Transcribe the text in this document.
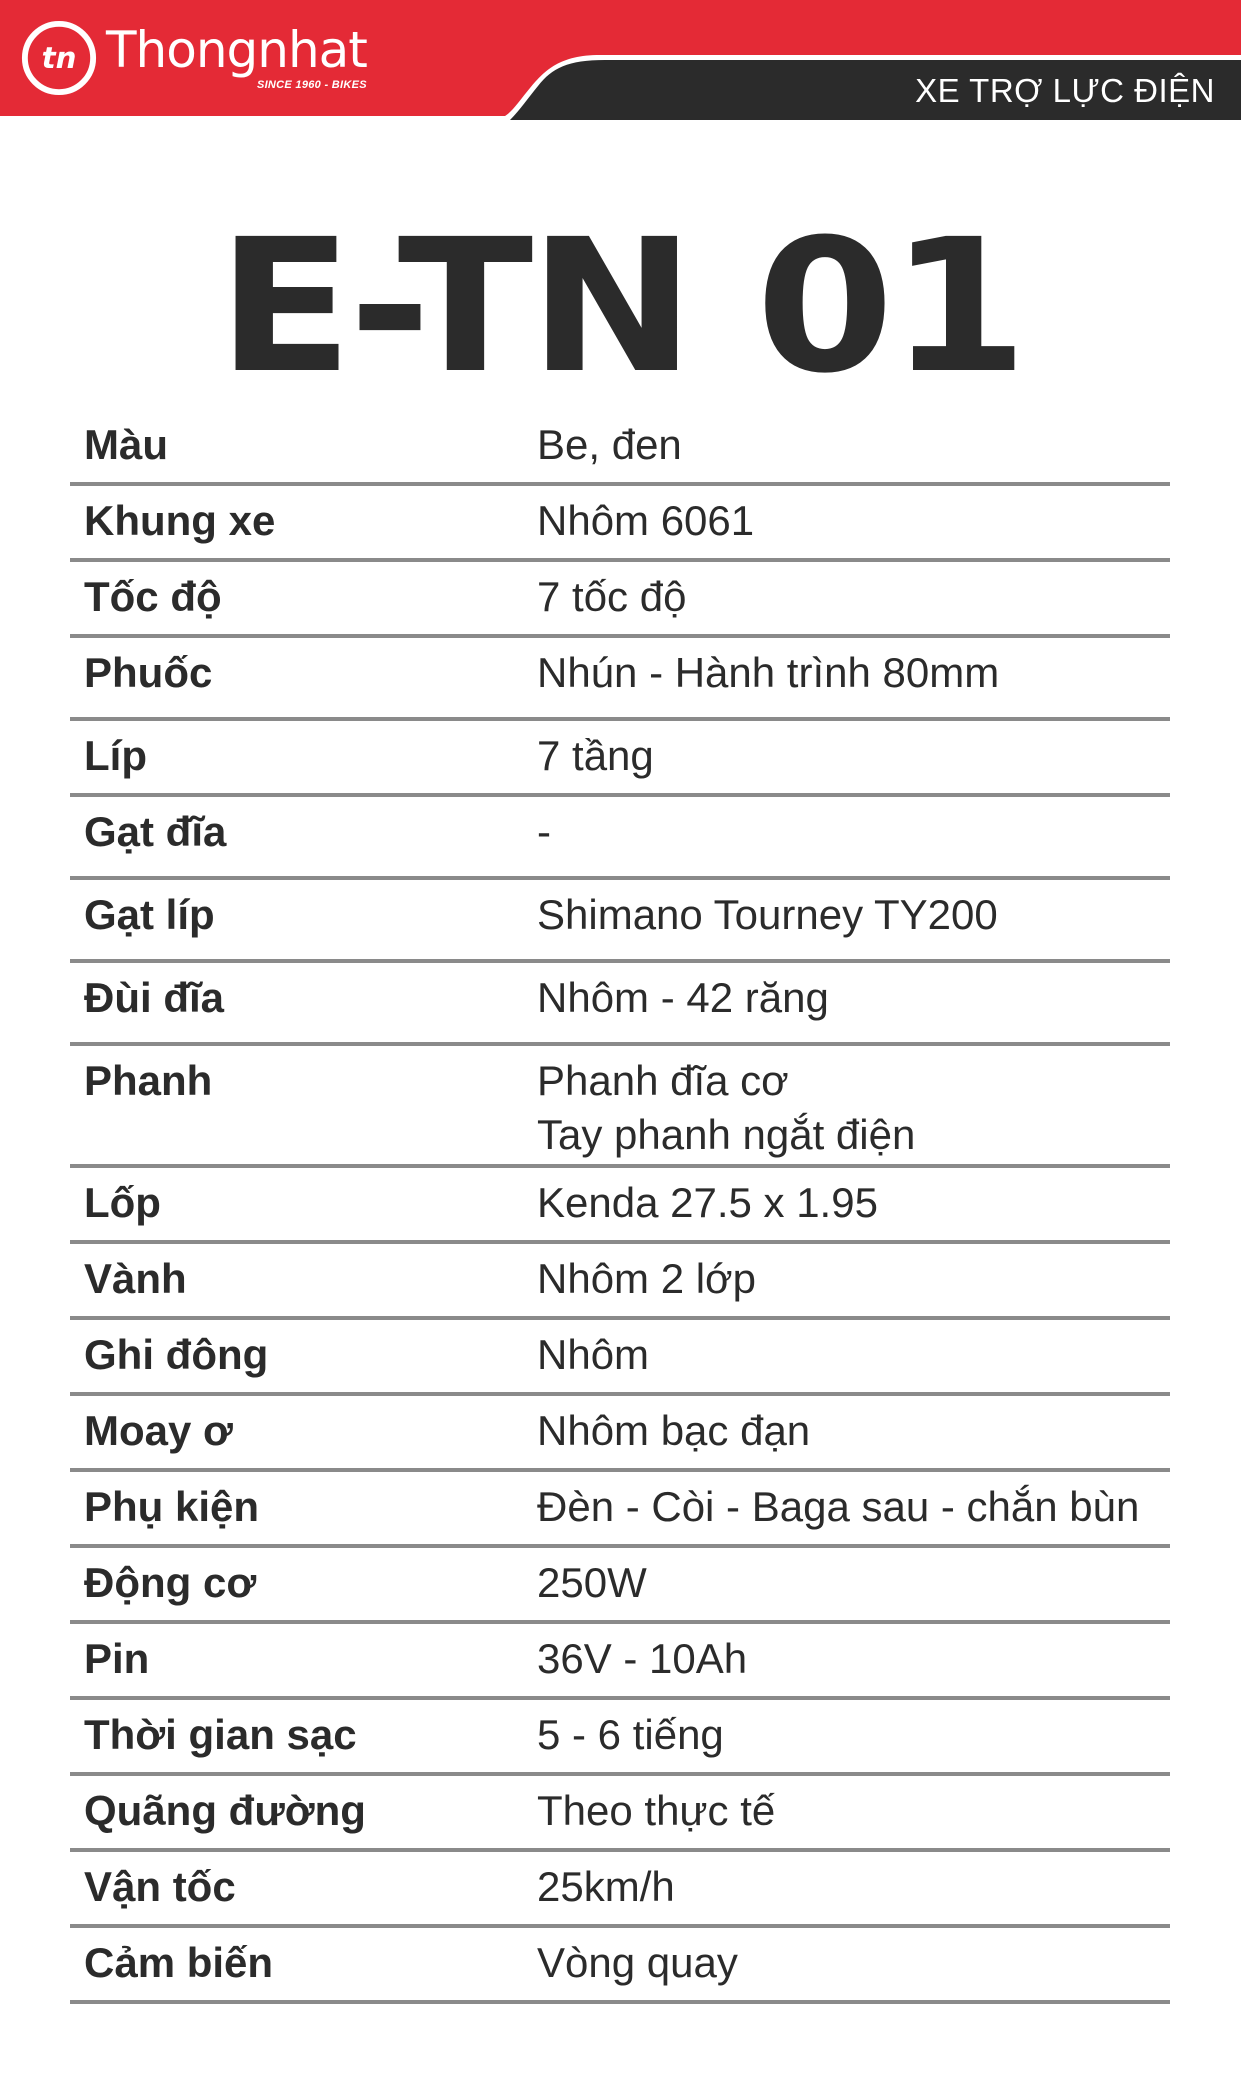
tn Thongnhat
SINCE 1960 - BIKES	XE TRỢ LỰC ĐIỆN
E-TN 01
Màu	Be, đen
Khung xe	Nhôm 6061
Tốc độ	7 tốc độ
Phuốc	Nhún - Hành trình 80mm
Líp	7 tầng
Gạt đĩa	-
Gạt líp	Shimano Tourney TY200
Đùi đĩa	Nhôm - 42 răng
Phanh	Phanh đĩa cơ
Tay phanh ngắt điện
Lốp	Kenda 27.5 x 1.95
Vành	Nhôm 2 lớp
Ghi đông	Nhôm
Moay ơ	Nhôm bạc đạn
Phụ kiện	Đèn - Còi - Baga sau - chắn bùn
Động cơ	250W
Pin	36V - 10Ah
Thời gian sạc	5 - 6 tiếng
Quãng đường	Theo thực tế
Vận tốc	25km/h
Cảm biến	Vòng quay
